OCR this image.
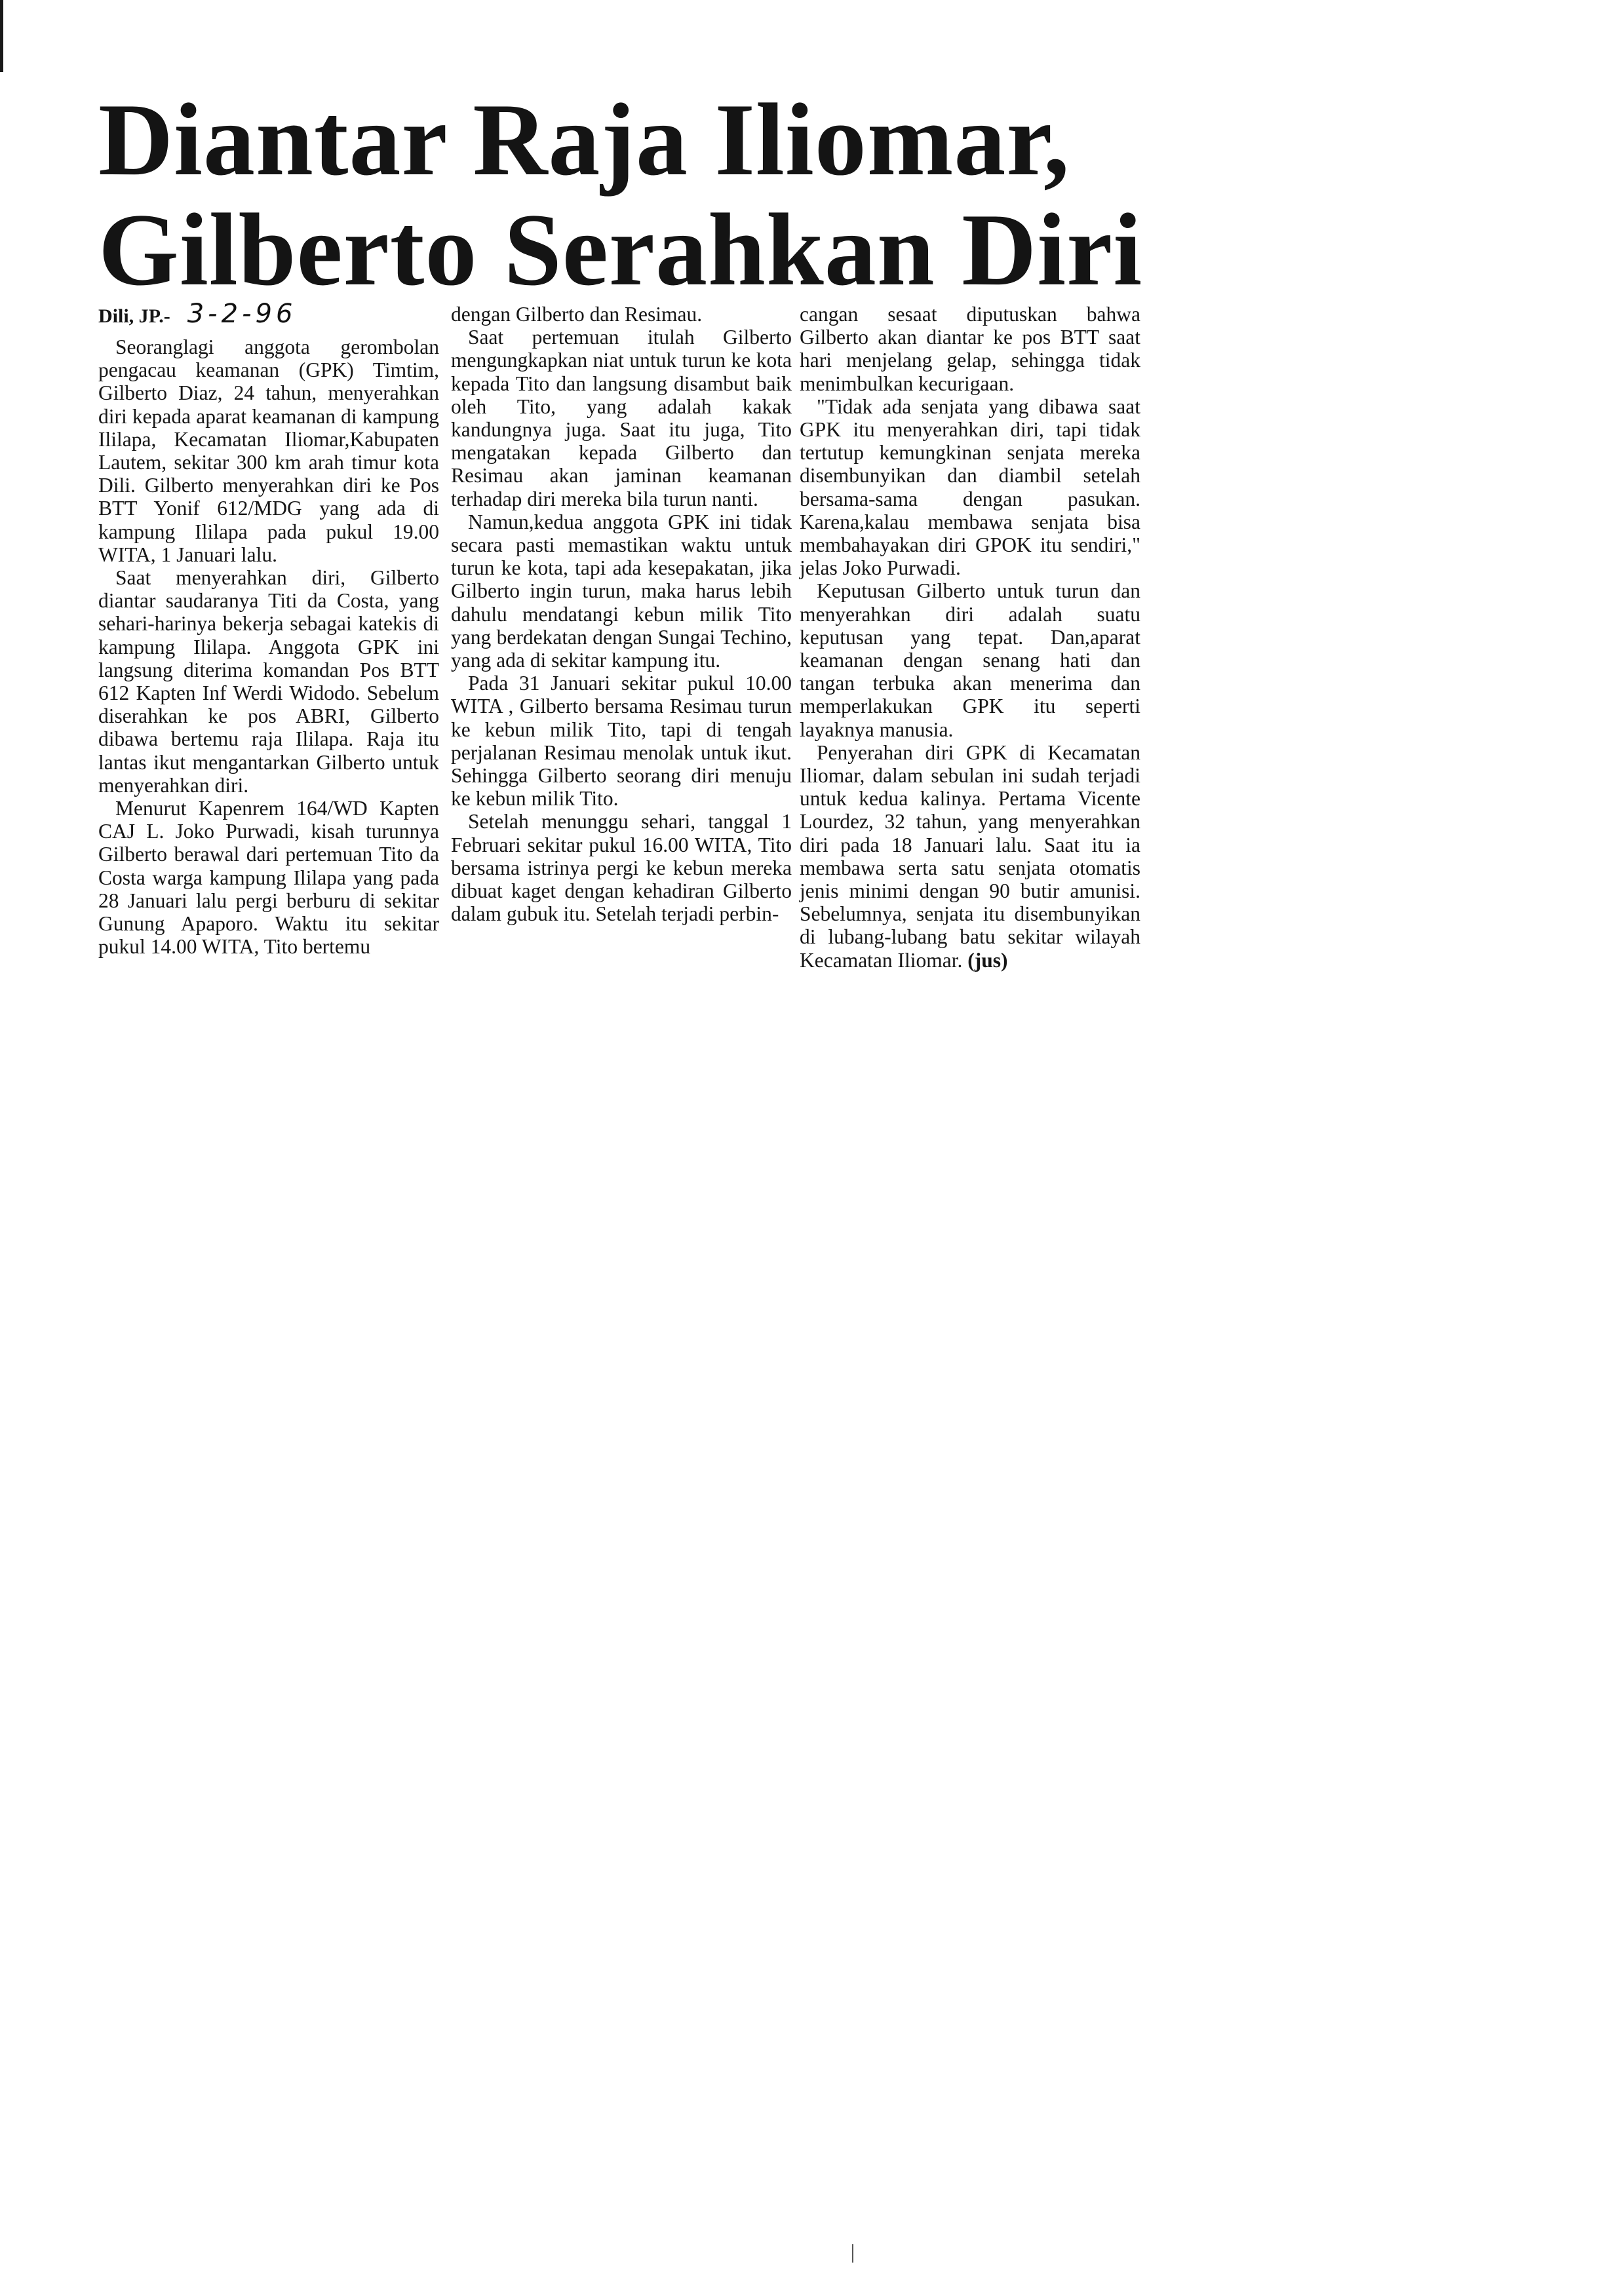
Diantar Raja Iliomar,
Gilberto Serahkan Diri
Dili, JP.- 3-2-96

Seoranglagi anggota gerombolan pengacau keamanan (GPK) Timtim, Gilberto Diaz, 24 tahun, menyerahkan diri kepada aparat keamanan di kampung Ililapa, Kecamatan Iliomar,Kabupaten Lautem, sekitar 300 km arah timur kota Dili. Gilberto menyerahkan diri ke Pos BTT Yonif 612/MDG yang ada di kampung Ililapa pada pukul 19.00 WITA, 1 Januari lalu.

Saat menyerahkan diri, Gilberto diantar saudaranya Titi da Costa, yang sehari-harinya bekerja sebagai katekis di kampung Ililapa. Anggota GPK ini langsung diterima komandan Pos BTT 612 Kapten Inf Werdi Widodo. Sebelum diserahkan ke pos ABRI, Gilberto dibawa bertemu raja Ililapa. Raja itu lantas ikut mengantarkan Gilberto untuk menyerahkan diri.

Menurut Kapenrem 164/WD Kapten CAJ L. Joko Purwadi, kisah turunnya Gilberto berawal dari pertemuan Tito da Costa warga kampung Ililapa yang pada 28 Januari lalu pergi berburu di sekitar Gunung Apaporo. Waktu itu sekitar pukul 14.00 WITA, Tito bertemu

dengan Gilberto dan Resimau.

Saat pertemuan itulah Gilberto mengungkapkan niat untuk turun ke kota kepada Tito dan langsung disambut baik oleh Tito, yang adalah kakak kandungnya juga. Saat itu juga, Tito mengatakan kepada Gilberto dan Resimau akan jaminan keamanan terhadap diri mereka bila turun nanti.

Namun,kedua anggota GPK ini tidak secara pasti memastikan waktu untuk turun ke kota, tapi ada kesepakatan, jika Gilberto ingin turun, maka harus lebih dahulu mendatangi kebun milik Tito yang berdekatan dengan Sungai Techino, yang ada di sekitar kampung itu.

Pada 31 Januari sekitar pukul 10.00 WITA , Gilberto bersama Resimau turun ke kebun milik Tito, tapi di tengah perjalanan Resimau menolak untuk ikut. Sehingga Gilberto seorang diri menuju ke kebun milik Tito.

Setelah menunggu sehari, tanggal 1 Februari sekitar pukul 16.00 WITA, Tito bersama istrinya pergi ke kebun mereka dibuat kaget dengan kehadiran Gilberto dalam gubuk itu. Setelah terjadi perbin-

cangan sesaat diputuskan bahwa Gilberto akan diantar ke pos BTT saat hari menjelang gelap, sehingga tidak menimbulkan kecurigaan.

"Tidak ada senjata yang dibawa saat GPK itu menyerahkan diri, tapi tidak tertutup kemungkinan senjata mereka disembunyikan dan diambil setelah bersama-sama dengan pasukan. Karena,kalau membawa senjata bisa membahayakan diri GPOK itu sendiri," jelas Joko Purwadi.

Keputusan Gilberto untuk turun dan menyerahkan diri adalah suatu keputusan yang tepat. Dan,aparat keamanan dengan senang hati dan tangan terbuka akan menerima dan memperlakukan GPK itu seperti layaknya manusia.

Penyerahan diri GPK di Kecamatan Iliomar, dalam sebulan ini sudah terjadi untuk kedua kalinya. Pertama Vicente Lourdez, 32 tahun, yang menyerahkan diri pada 18 Januari lalu. Saat itu ia membawa serta satu senjata otomatis jenis minimi dengan 90 butir amunisi. Sebelumnya, senjata itu disembunyikan di lubang-lubang batu sekitar wilayah Kecamatan Iliomar. (jus)
